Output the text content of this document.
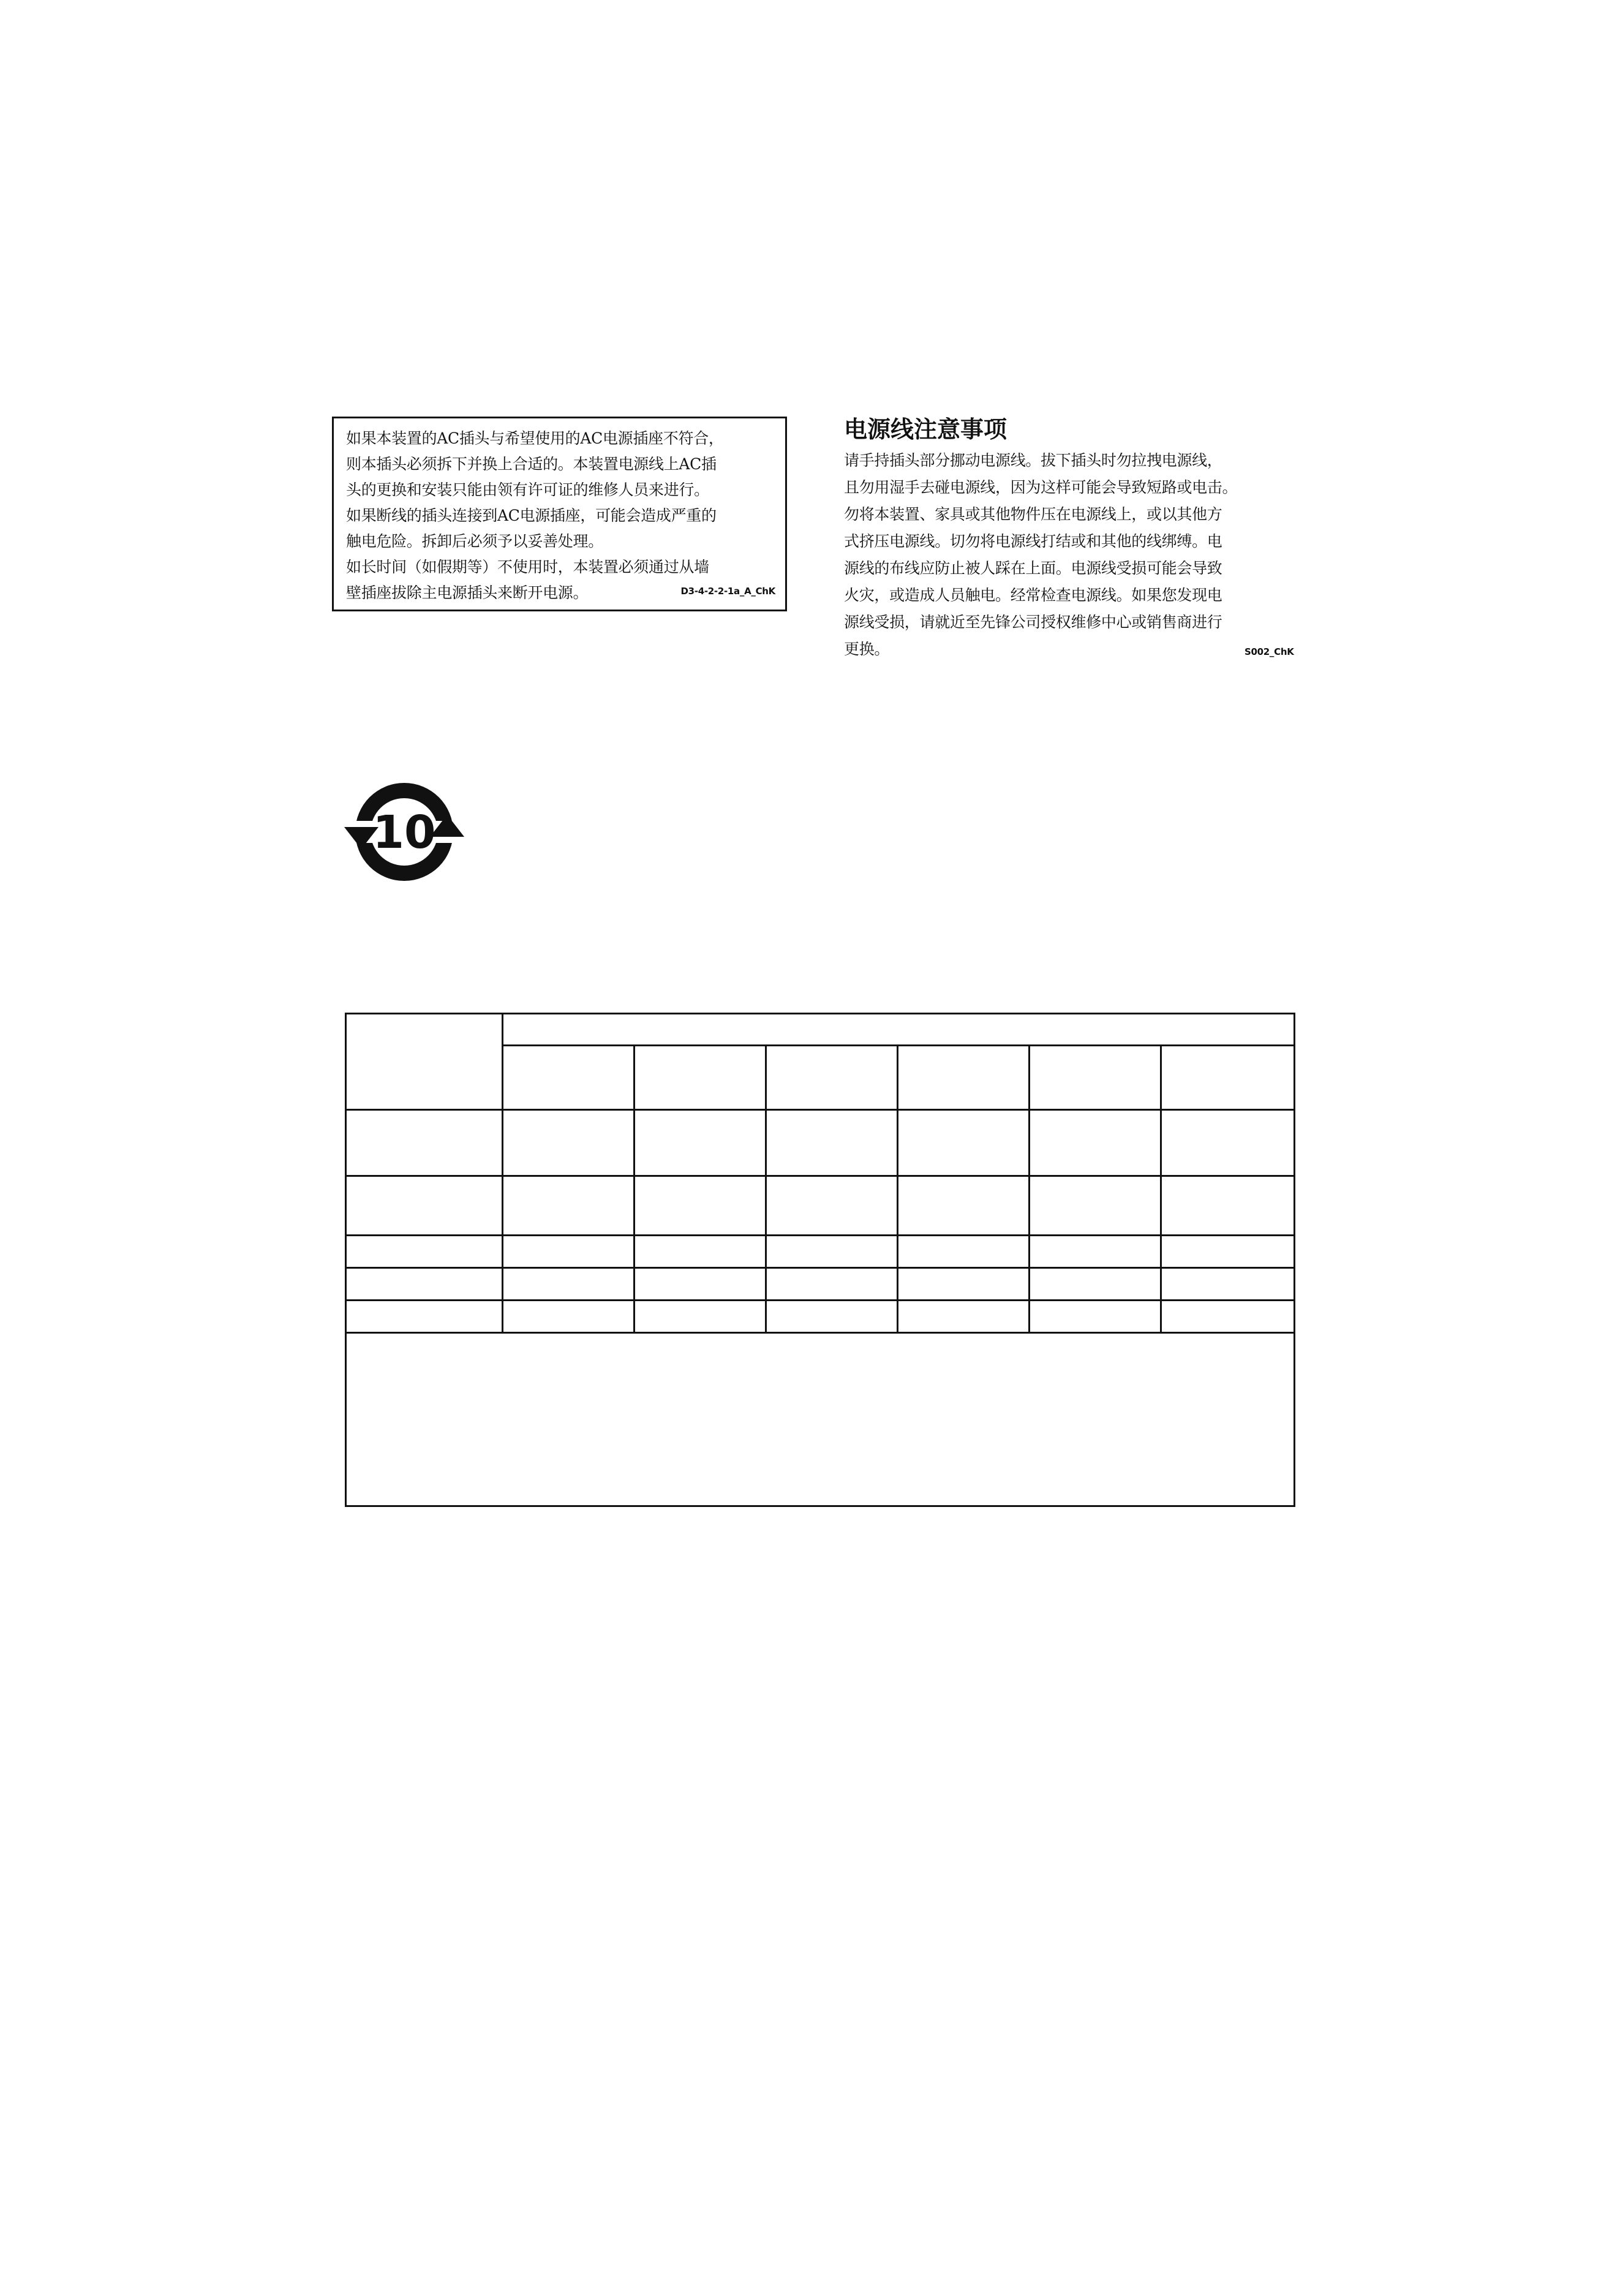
如果本装置的AC插头与希望使用的AC电源插座不符合，

则本插头必须拆下并换上合适的。本装置电源线上AC插

头的更换和安装只能由领有许可证的维修人员来进行。

如果断线的插头连接到AC电源插座，可能会造成严重的

触电危险。拆卸后必须予以妥善处理。

如长时间（如假期等）不使用时，本装置必须通过从墙

壁插座拔除主电源插头来断开电源。	D3-4-2-2-1a_A_ChK
电源线注意事项

请手持插头部分挪动电源线。拔下插头时勿拉拽电源线，

且勿用湿手去碰电源线，因为这样可能会导致短路或电击。

勿将本装置、家具或其他物件压在电源线上，或以其他方

式挤压电源线。切勿将电源线打结或和其他的线绑缚。电

源线的布线应防止被人踩在上面。电源线受损可能会导致

火灾，或造成人员触电。经常检查电源线。如果您发现电

源线受损，请就近至先锋公司授权维修中心或销售商进行

更换。	S002_ChK
10
